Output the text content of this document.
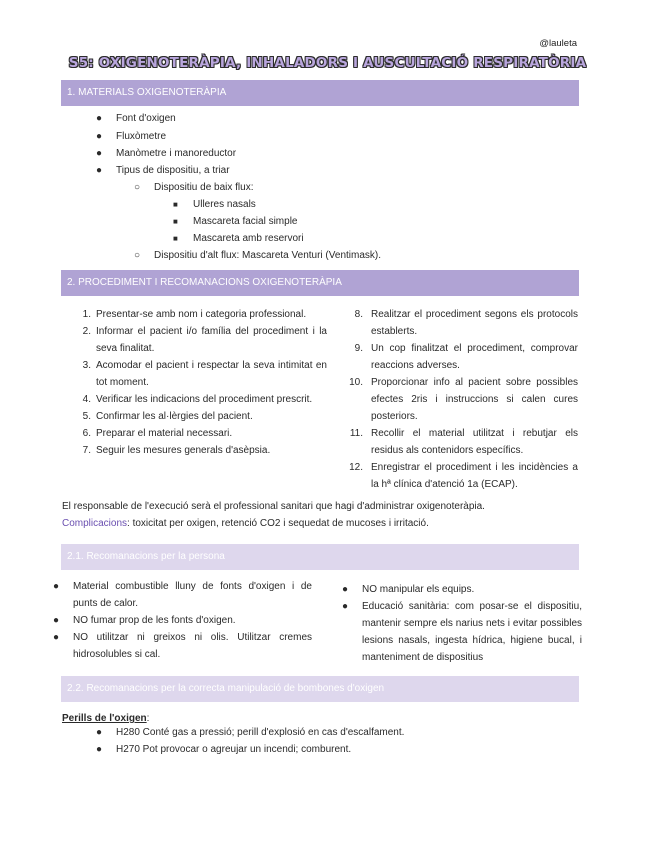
@lauleta
S5: OXIGENOTERÀPIA, INHALADORS I AUSCULTACIÓ RESPIRATÒRIA
1. MATERIALS OXIGENOTERÀPIA
● Font d'oxigen
● Fluxòmetre
● Manòmetre i manoreductor
● Tipus de dispositiu, a triar
○ Dispositiu de baix flux:
■ Ulleres nasals
■ Mascareta facial simple
■ Mascareta amb reservori
○ Dispositiu d'alt flux: Mascareta Venturi (Ventimask).
2. PROCEDIMENT I RECOMANACIONS OXIGENOTERÀPIA
1. Presentar-se amb nom i categoria professional.
2. Informar el pacient i/o família del procediment i la seva finalitat.
3. Acomodar el pacient i respectar la seva intimitat en tot moment.
4. Verificar les indicacions del procediment prescrit.
5. Confirmar les al·lèrgies del pacient.
6. Preparar el material necessari.
7. Seguir les mesures generals d'asèpsia.
8. Realitzar el procediment segons els protocols establerts.
9. Un cop finalitzat el procediment, comprovar reaccions adverses.
10. Proporcionar info al pacient sobre possibles efectes 2ris i instruccions si calen cures posteriors.
11. Recollir el material utilitzat i rebutjar els residus als contenidors específics.
12. Enregistrar el procediment i les incidències a la hª clínica d'atenció 1a (ECAP).
El responsable de l'execució serà el professional sanitari que hagi d'administrar oxigenoteràpia.
Complicacions: toxicitat per oxigen, retenció CO2 i sequedat de mucoses i irritació.
2.1. Recomanacions per la persona
● Material combustible lluny de fonts d'oxigen i de punts de calor.
● NO fumar prop de les fonts d'oxigen.
● NO utilitzar ni greixos ni olis. Utilitzar cremes hidrosolubles si cal.
● NO manipular els equips.
● Educació sanitària: com posar-se el dispositiu, mantenir sempre els narius nets i evitar possibles lesions nasals, ingesta hídrica, higiene bucal, i manteniment de dispositius
2.2. Recomanacions per la correcta manipulació de bombones d'oxigen
Perills de l'oxigen:
● H280 Conté gas a pressió; perill d'explosió en cas d'escalfament.
● H270 Pot provocar o agreujar un incendi; comburent.
